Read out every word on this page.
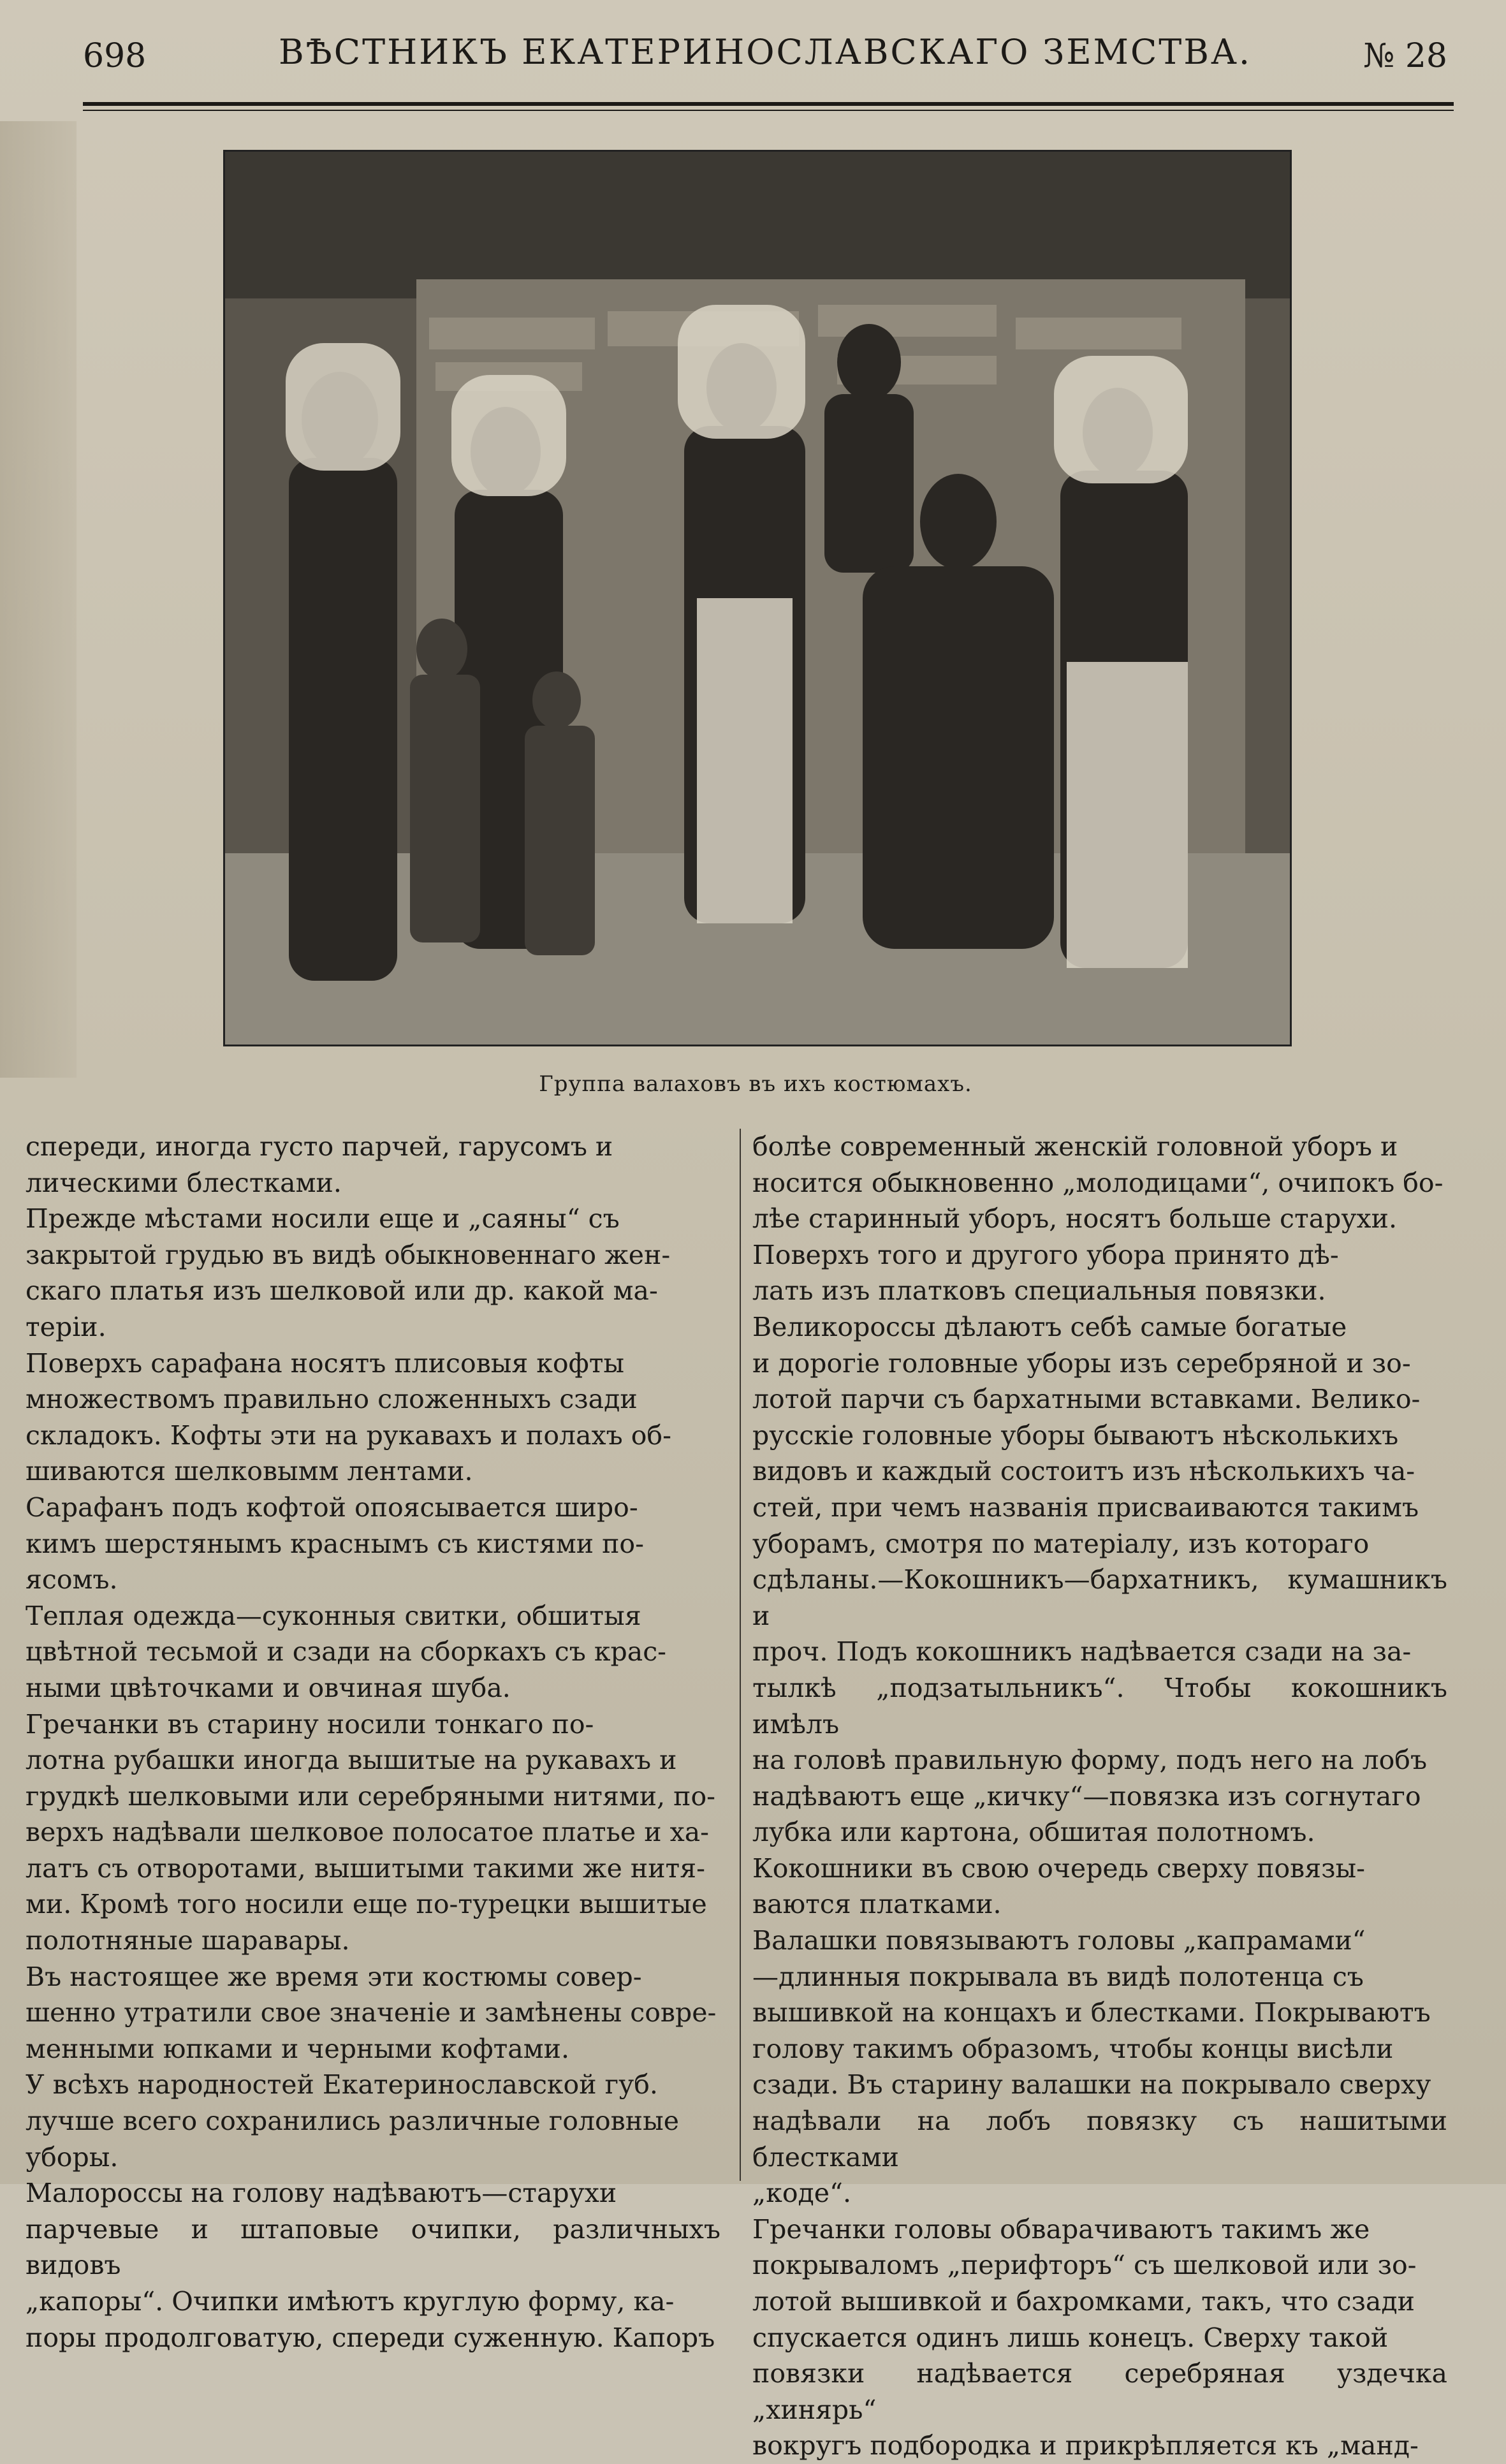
698	ВѢСТНИКЪ ЕКАТЕРИНОСЛАВСКАГО ЗЕМСТВА.	№ 28
Группа валаховъ въ ихъ костюмахъ.

спереди, иногда густо парчей, гарусомъ и
лическими блестками.

Прежде мѣстами носили еще и „саяны“ съ
закрытой грудью въ видѣ обыкновеннаго жен-
скаго платья изъ шелковой или др. какой ма-
теріи.

Поверхъ сарафана носятъ плисовыя кофты
множествомъ правильно сложенныхъ сзади
складокъ. Кофты эти на рукавахъ и полахъ об-
шиваются шелковымм лентами.

Сарафанъ подъ кофтой опоясывается широ-
кимъ шерстянымъ краснымъ съ кистями по-
ясомъ.

Теплая одежда—суконныя свитки, обшитыя
цвѣтной тесьмой и сзади на сборкахъ съ крас-
ными цвѣточками и овчиная шуба.

Гречанки въ старину носили тонкаго по-
лотна рубашки иногда вышитые на рукавахъ и
грудкѣ шелковыми или серебряными нитями, по-
верхъ надѣвали шелковое полосатое платье и ха-
латъ съ отворотами, вышитыми такими же нитя-
ми. Кромѣ того носили еще по-турецки вышитые
полотняные шаравары.

Въ настоящее же время эти костюмы совер-
шенно утратили свое значеніе и замѣнены совре-
менными юпками и черными кофтами.

У всѣхъ народностей Екатеринославской губ.
лучше всего сохранились различные головные
уборы.

Малороссы на голову надѣваютъ—старухи
парчевые и штаповые очипки, различныхъ видовъ
„капоры“. Очипки имѣютъ круглую форму, ка-
поры продолговатую, спереди суженную. Капоръ

болѣе современный женскій головной уборъ и
носится обыкновенно „молодицами“, очипокъ бо-
лѣе старинный уборъ, носятъ больше старухи.

Поверхъ того и другого убора принято дѣ-
лать изъ платковъ специальныя повязки.

Великороссы дѣлаютъ себѣ самые богатые
и дорогіе головные уборы изъ серебряной и зо-
лотой парчи съ бархатными вставками. Велико-
русскіе головные уборы бываютъ нѣсколькихъ
видовъ и каждый состоитъ изъ нѣсколькихъ ча-
стей, при чемъ названія присваиваются такимъ
уборамъ, смотря по матеріалу, изъ котораго
сдѣланы.—Кокошникъ—бархатникъ, кумашникъ и
проч. Подъ кокошникъ надѣвается сзади на за-
тылкѣ „подзатыльникъ“. Чтобы кокошникъ имѣлъ
на головѣ правильную форму, подъ него на лобъ
надѣваютъ еще „кичку“—повязка изъ согнутаго
лубка или картона, обшитая полотномъ.

Кокошники въ свою очередь сверху повязы-
ваются платками.

Валашки повязываютъ головы „капрамами“
—длинныя покрывала въ видѣ полотенца съ
вышивкой на концахъ и блестками. Покрываютъ
голову такимъ образомъ, чтобы концы висѣли
сзади. Въ старину валашки на покрывало сверху
надѣвали на лобъ повязку съ нашитыми блестками
„коде“.

Гречанки головы обварачиваютъ такимъ же
покрываломъ „перифторъ“ съ шелковой или зо-
лотой вышивкой и бахромками, такъ, что сзади
спускается одинъ лишь конецъ. Сверху такой
повязки надѣвается серебряная уздечка „хинярь“
вокругъ подбородка и прикрѣпляется къ „манд-
